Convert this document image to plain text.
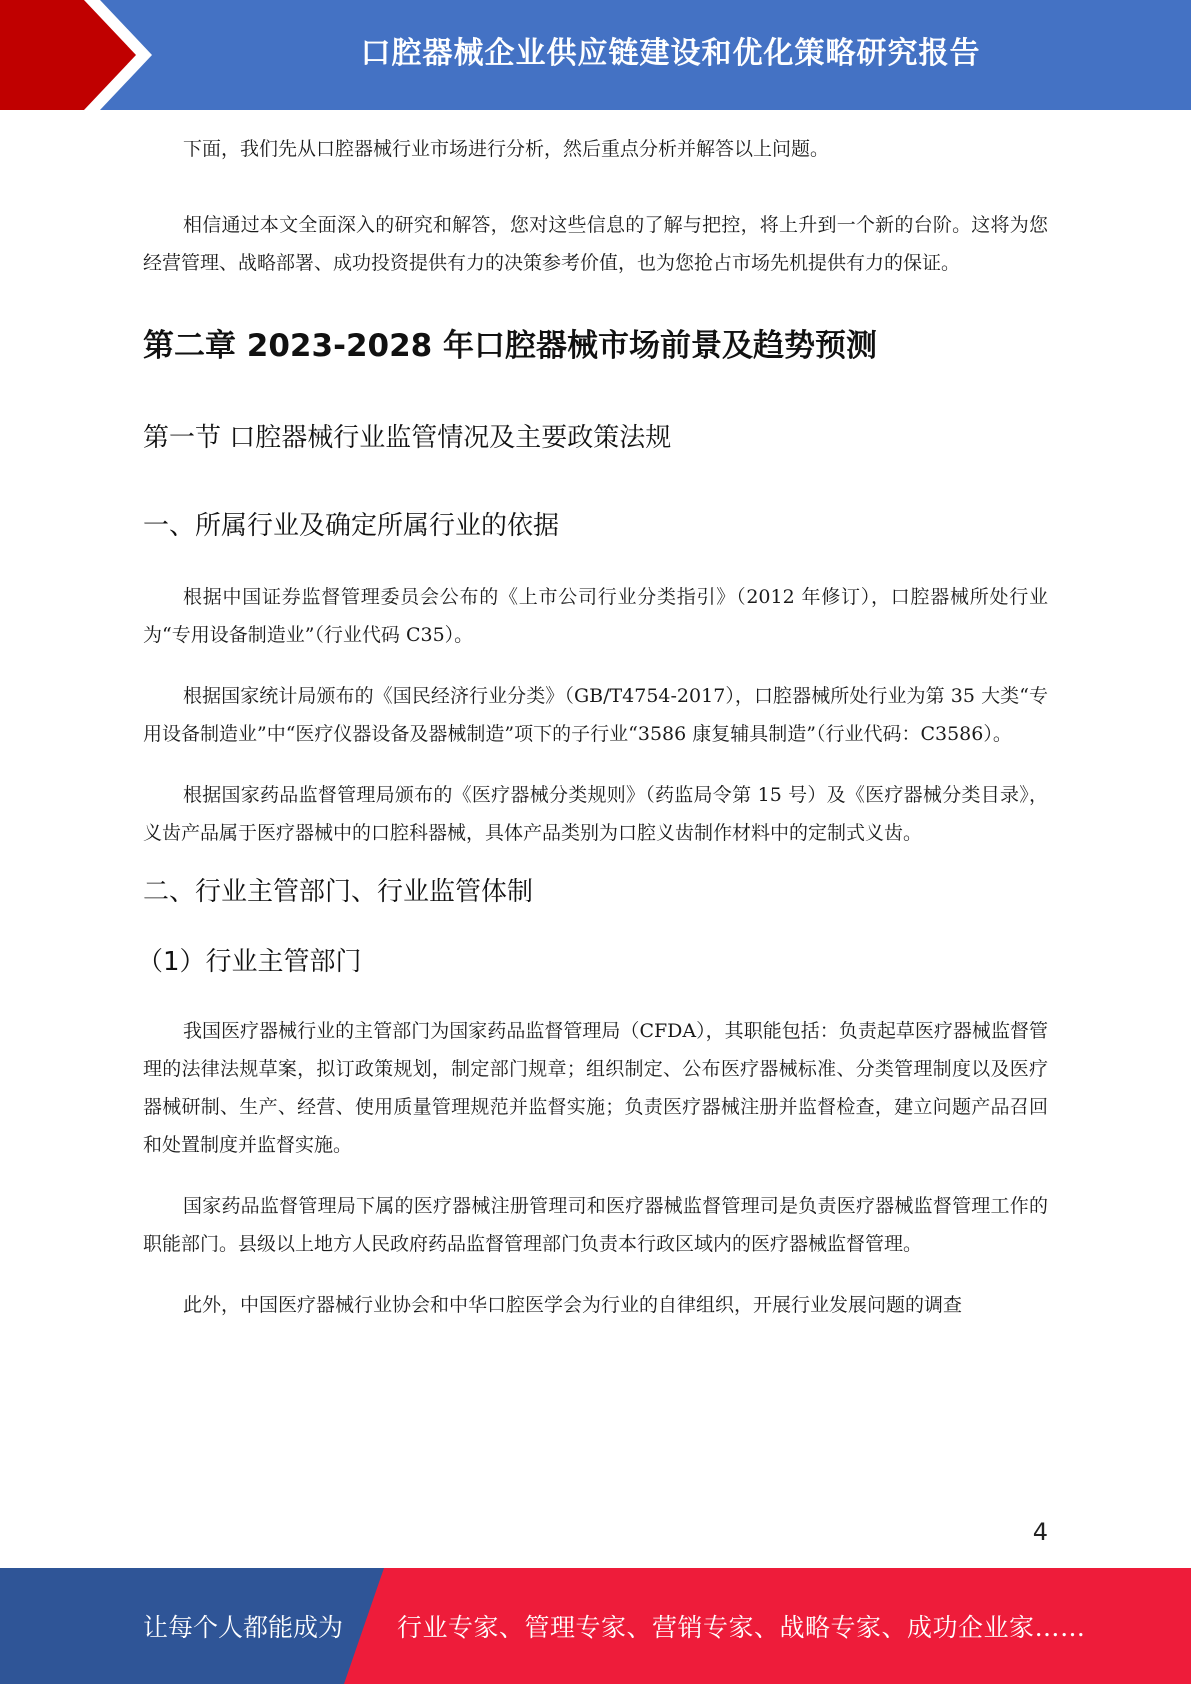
口腔器械企业供应链建设和优化策略研究报告

下面，我们先从口腔器械行业市场进行分析，然后重点分析并解答以上问题。

相信通过本文全面深入的研究和解答，您对这些信息的了解与把控，将上升到一个新的台阶。这将为您经营管理、战略部署、成功投资提供有力的决策参考价值，也为您抢占市场先机提供有力的保证。

第二章 2023-2028 年口腔器械市场前景及趋势预测
第一节 口腔器械行业监管情况及主要政策法规
一、所属行业及确定所属行业的依据

根据中国证券监督管理委员会公布的《上市公司行业分类指引》（2012 年修订），口腔器械所处行业为“专用设备制造业”（行业代码 C35）。

根据国家统计局颁布的《国民经济行业分类》（GB/T4754-2017），口腔器械所处行业为第 35 大类“专用设备制造业”中“医疗仪器设备及器械制造”项下的子行业“3586 康复辅具制造”（行业代码：C3586）。

根据国家药品监督管理局颁布的《医疗器械分类规则》（药监局令第 15 号）及《医疗器械分类目录》，义齿产品属于医疗器械中的口腔科器械，具体产品类别为口腔义齿制作材料中的定制式义齿。

二、行业主管部门、行业监管体制
（1）行业主管部门

我国医疗器械行业的主管部门为国家药品监督管理局（CFDA），其职能包括：负责起草医疗器械监督管理的法律法规草案，拟订政策规划，制定部门规章；组织制定、公布医疗器械标准、分类管理制度以及医疗器械研制、生产、经营、使用质量管理规范并监督实施；负责医疗器械注册并监督检查，建立问题产品召回和处置制度并监督实施。

国家药品监督管理局下属的医疗器械注册管理司和医疗器械监督管理司是负责医疗器械监督管理工作的职能部门。县级以上地方人民政府药品监督管理部门负责本行政区域内的医疗器械监督管理。

此外，中国医疗器械行业协会和中华口腔医学会为行业的自律组织，开展行业发展问题的调查

4
让每个人都能成为 行业专家、管理专家、营销专家、战略专家、成功企业家……
